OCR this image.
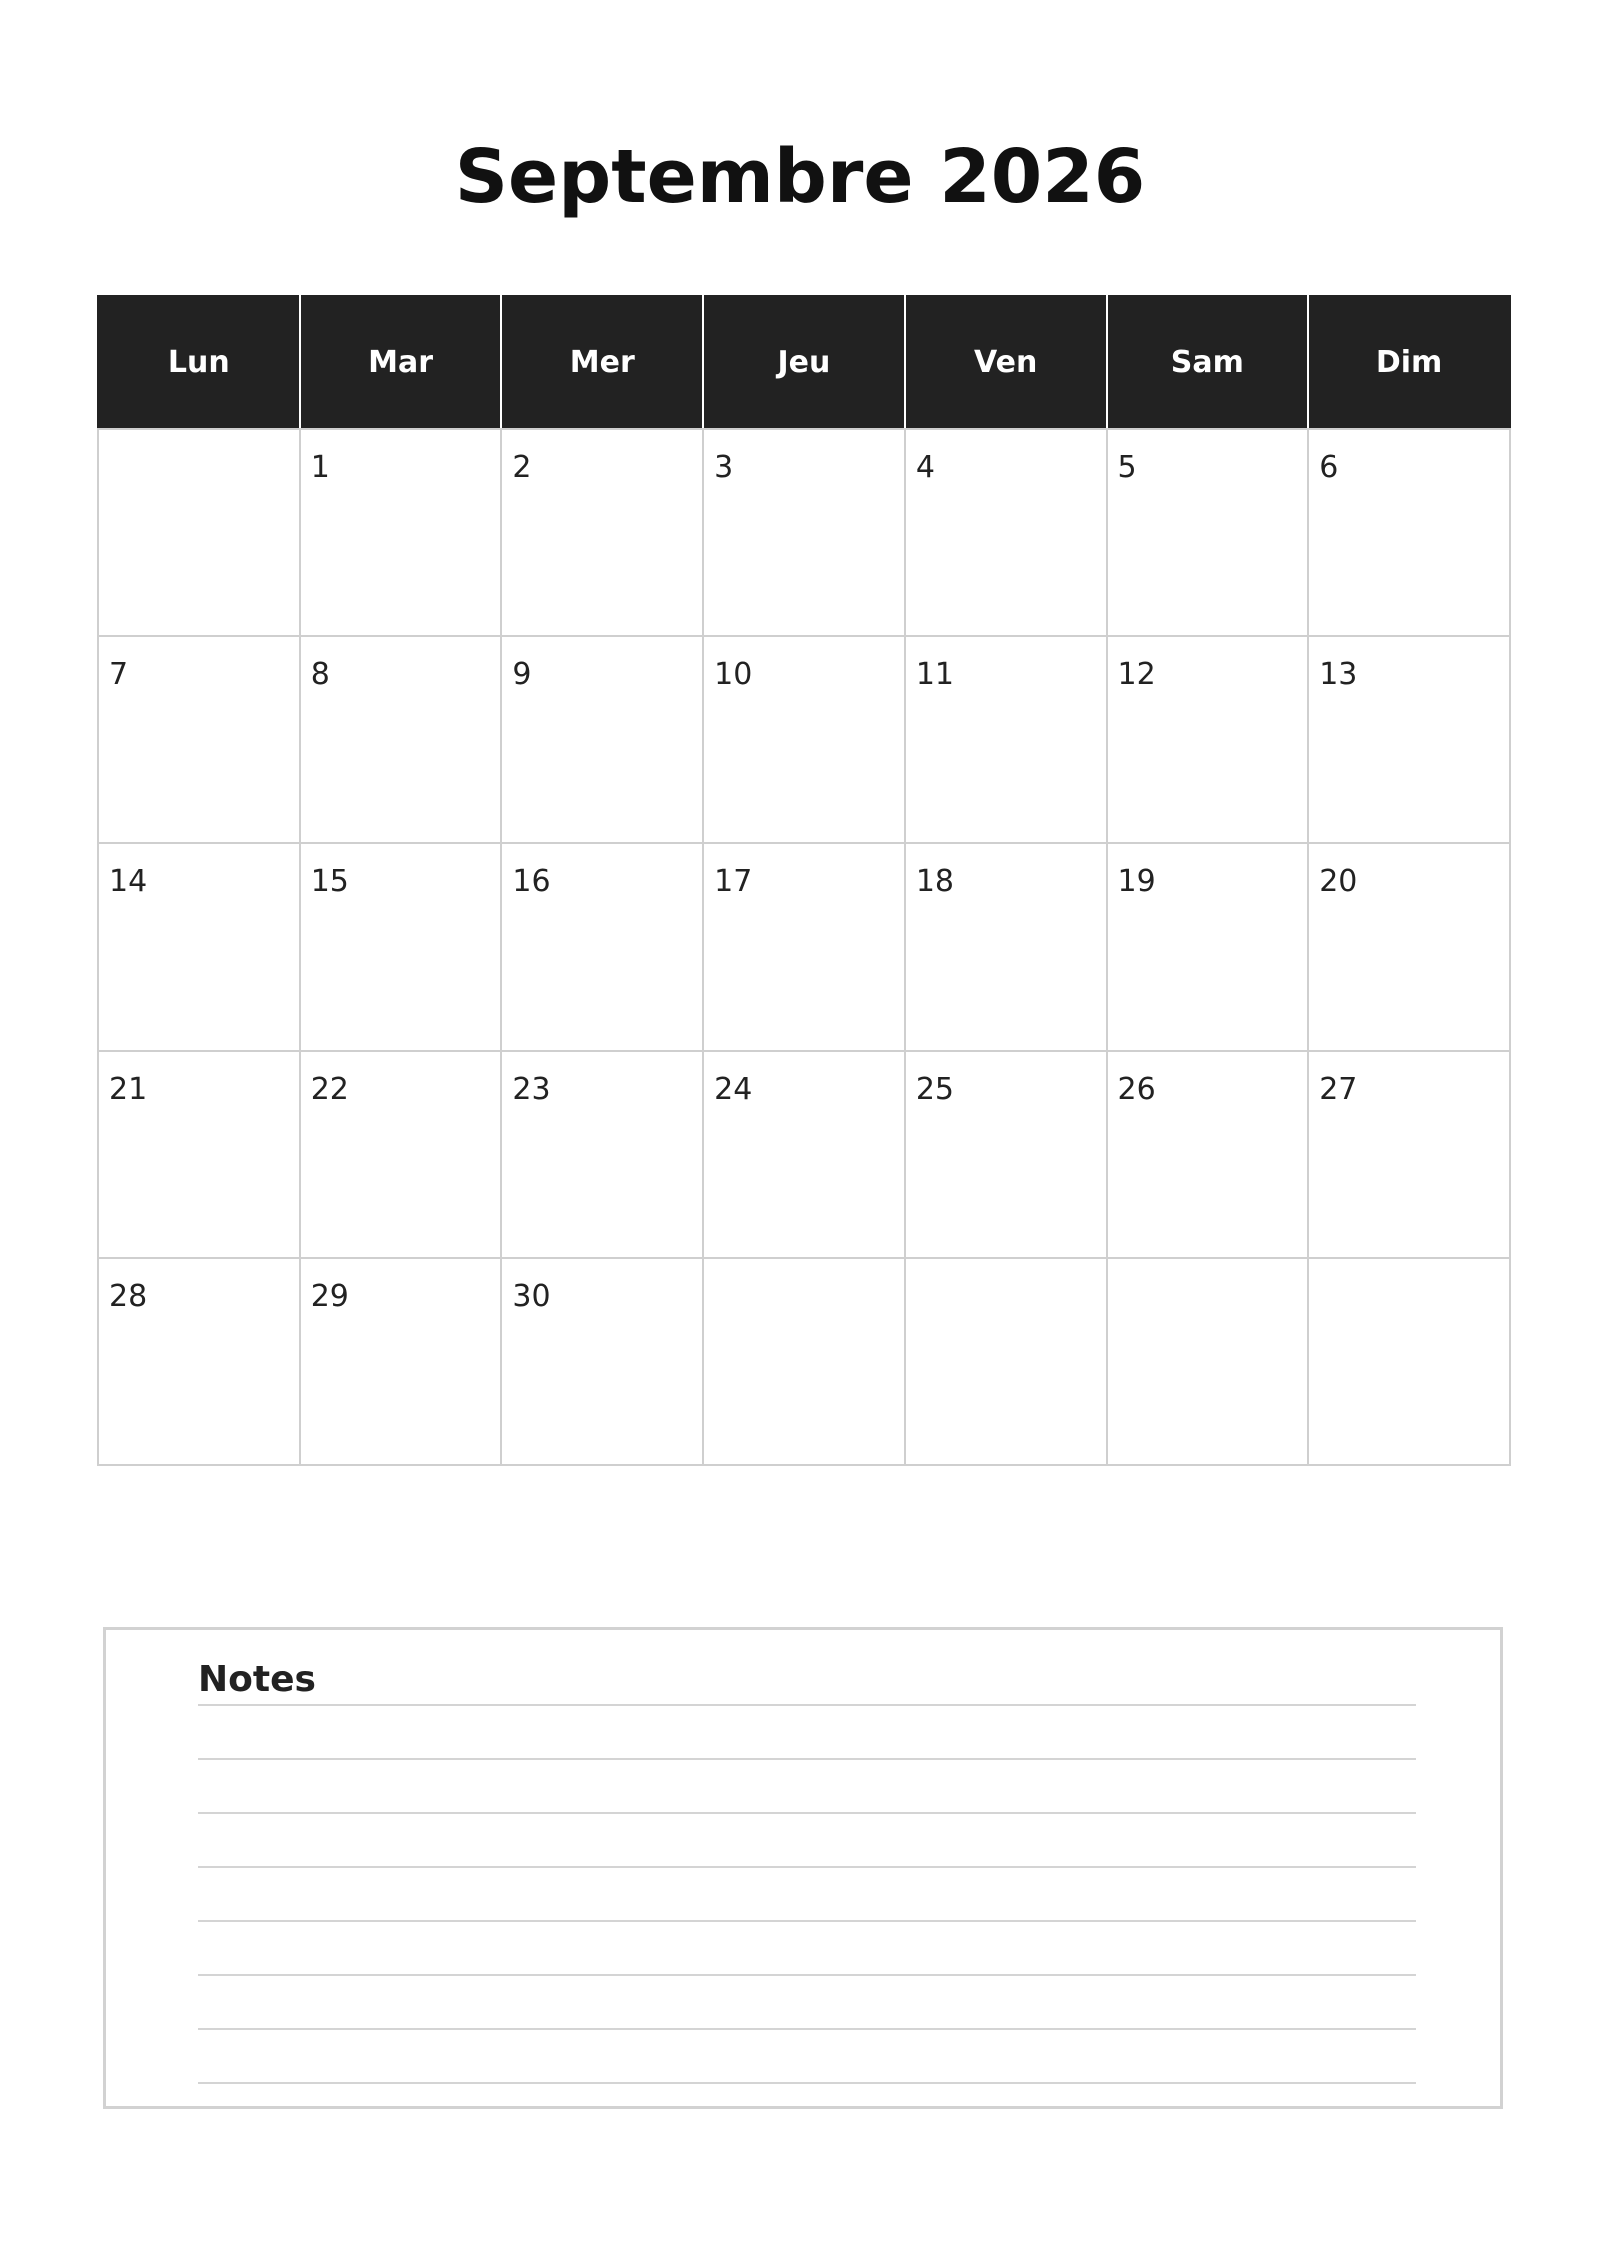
Septembre 2026
Lun	Mar	Mer	Jeu	Ven	Sam	Dim

	1	2	3	4	5	6

7	8	9	10	11	12	13

14	15	16	17	18	19	20

21	22	23	24	25	26	27

28	29	30				

Notes
